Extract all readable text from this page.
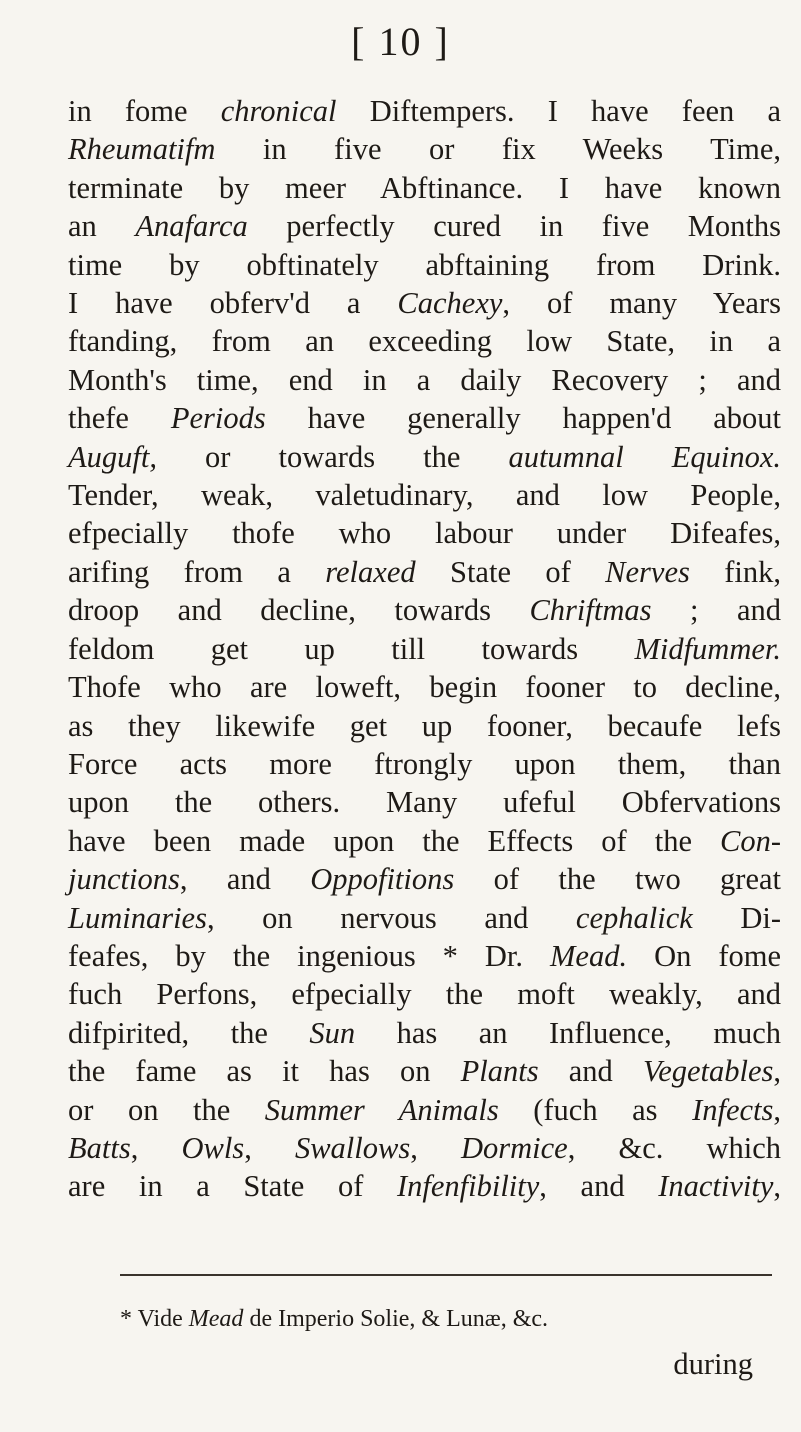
[ 10 ]
in fome chronical Diftempers. I have feen a
Rheumatifm in five or fix Weeks Time,
terminate by meer Abftinance. I have known
an Anafarca perfectly cured in five Months
time by obftinately abftaining from Drink.
I have obferv'd a Cachexy, of many Years
ftanding, from an exceeding low State, in a
Month's time, end in a daily Recovery ; and
thefe Periods have generally happen'd about
Auguft, or towards the autumnal Equinox.
Tender, weak, valetudinary, and low People,
efpecially thofe who labour under Difeafes,
arifing from a relaxed State of Nerves fink,
droop and decline, towards Chriftmas ; and
feldom get up till towards Midfummer.
Thofe who are loweft, begin fooner to decline,
as they likewife get up fooner, becaufe lefs
Force acts more ftrongly upon them, than
upon the others. Many ufeful Obfervations
have been made upon the Effects of the Con-
junctions, and Oppofitions of the two great
Luminaries, on nervous and cephalick Di-
feafes, by the ingenious * Dr. Mead. On fome
fuch Perfons, efpecially the moft weakly, and
difpirited, the Sun has an Influence, much
the fame as it has on Plants and Vegetables,
or on the Summer Animals (fuch as Infects,
Batts, Owls, Swallows, Dormice, &c. which
are in a State of Infenfibility, and Inactivity,
* Vide Mead de Imperio Solie, & Lunæ, &c.
during
